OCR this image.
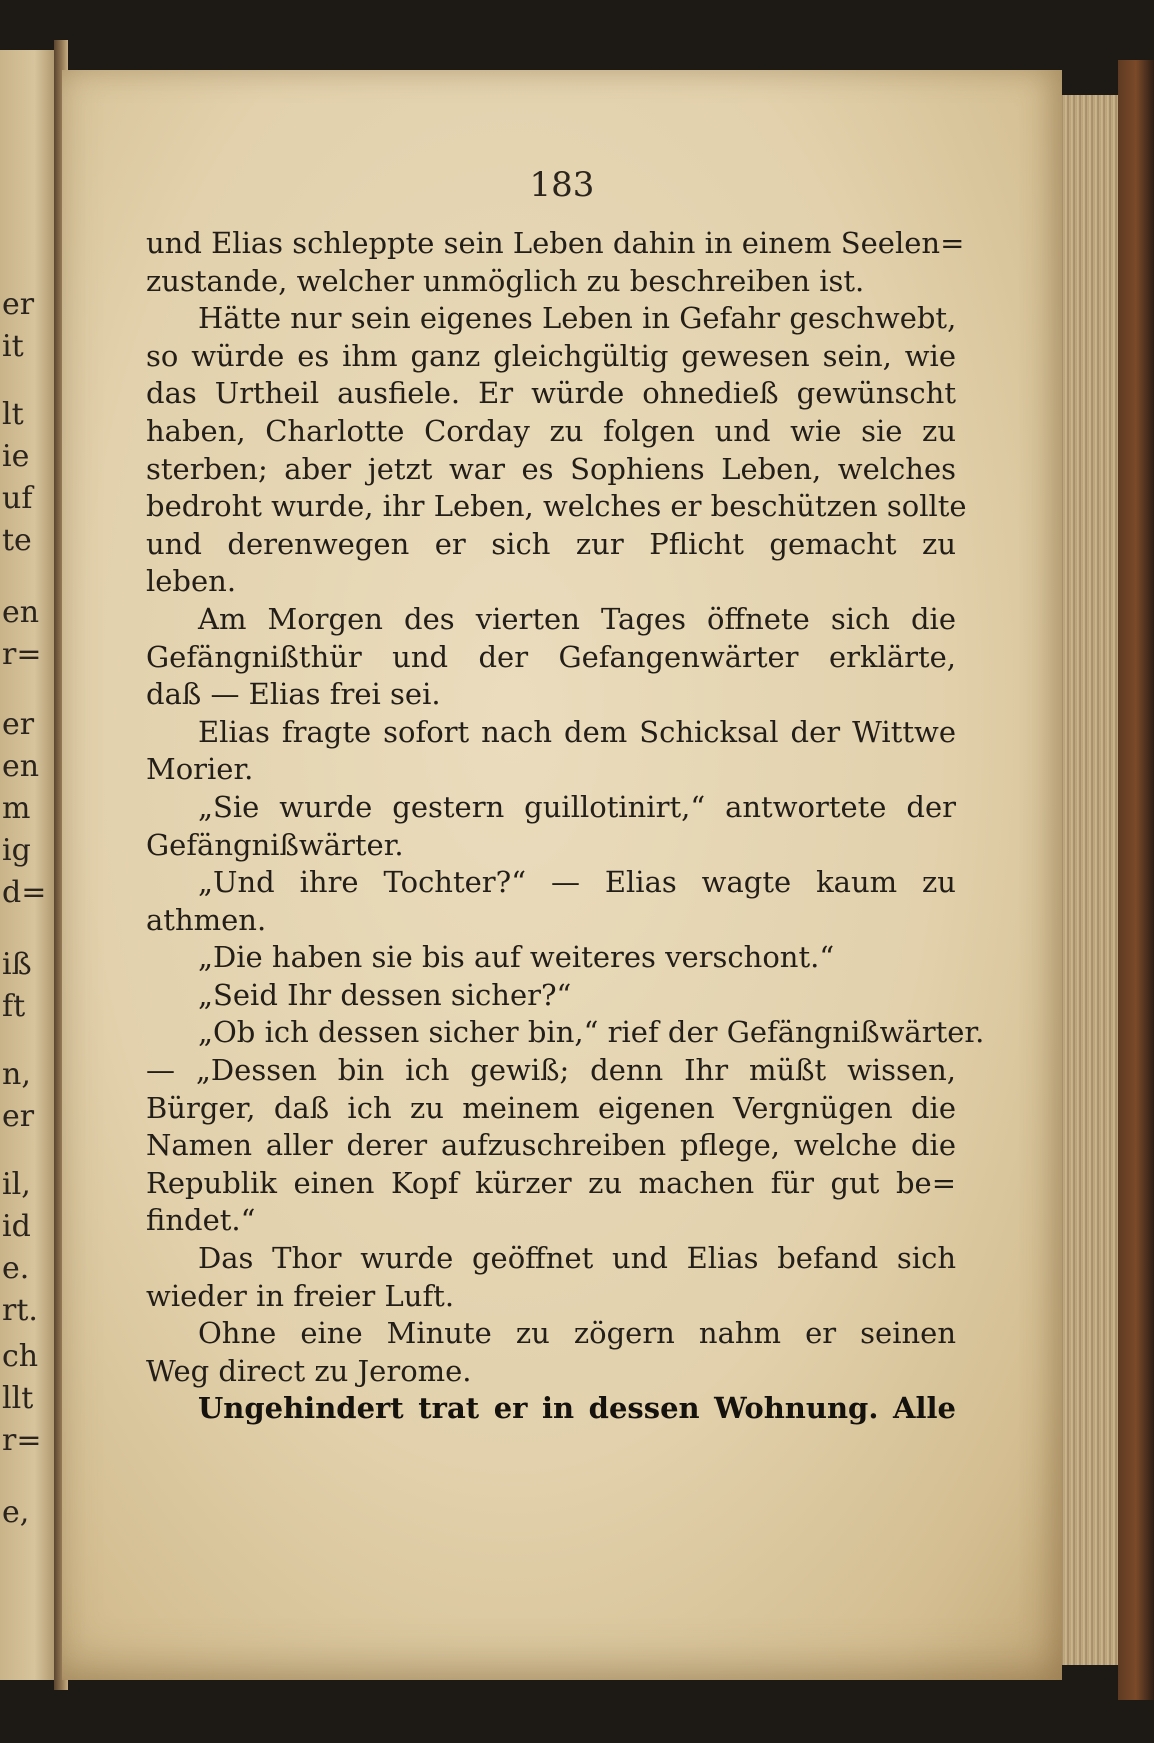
er
it
lt
ie
uf
te
en
r=
er
en
m
ig
d=
iß
ft
n,
er
il,
id
e.
rt.
ch
llt
r=
e,
183
und Elias schleppte sein Leben dahin in einem Seelen=
zustande, welcher unmöglich zu beschreiben ist.
Hätte nur sein eigenes Leben in Gefahr geschwebt,
so würde es ihm ganz gleichgültig gewesen sein, wie
das Urtheil ausfiele. Er würde ohnedieß gewünscht
haben, Charlotte Corday zu folgen und wie sie zu
sterben; aber jetzt war es Sophiens Leben, welches
bedroht wurde, ihr Leben, welches er beschützen sollte
und derenwegen er sich zur Pflicht gemacht zu
leben.
Am Morgen des vierten Tages öffnete sich die
Gefängnißthür und der Gefangenwärter erklärte,
daß — Elias frei sei.
Elias fragte sofort nach dem Schicksal der Wittwe
Morier.
„Sie wurde gestern guillotinirt,“ antwortete der
Gefängnißwärter.
„Und ihre Tochter?“ — Elias wagte kaum zu
athmen.
„Die haben sie bis auf weiteres verschont.“
„Seid Ihr dessen sicher?“
„Ob ich dessen sicher bin,“ rief der Gefängnißwärter.
— „Dessen bin ich gewiß; denn Ihr müßt wissen,
Bürger, daß ich zu meinem eigenen Vergnügen die
Namen aller derer aufzuschreiben pflege, welche die
Republik einen Kopf kürzer zu machen für gut be=
findet.“
Das Thor wurde geöffnet und Elias befand sich
wieder in freier Luft.
Ohne eine Minute zu zögern nahm er seinen
Weg direct zu Jerome.
Ungehindert trat er in dessen Wohnung. Alle
